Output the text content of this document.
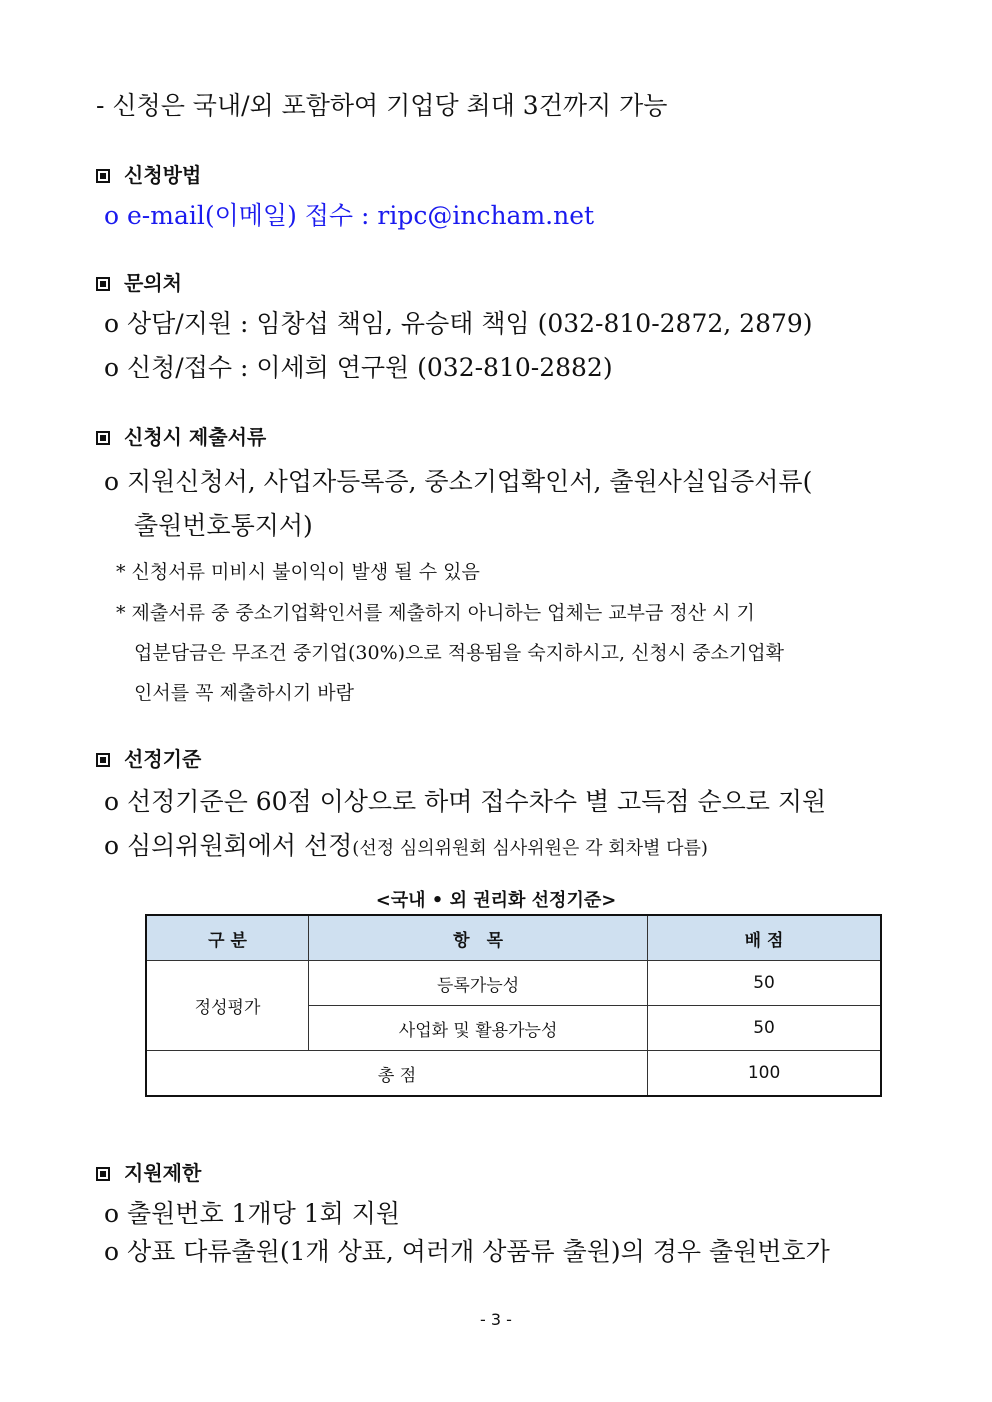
- 신청은 국내/외 포함하여 기업당 최대 3건까지 가능
신청방법
o e-mail(이메일) 접수 : ripc@incham.net
문의처
o 상담/지원 : 임창섭 책임, 유승태 책임 (032-810-2872, 2879)
o 신청/접수 : 이세희 연구원 (032-810-2882)
신청시 제출서류
o 지원신청서, 사업자등록증, 중소기업확인서, 출원사실입증서류(
출원번호통지서)
* 신청서류 미비시 불이익이 발생 될 수 있음
* 제출서류 중 중소기업확인서를 제출하지 아니하는 업체는 교부금 정산 시 기
업분담금은 무조건 중기업(30%)으로 적용됨을 숙지하시고, 신청시 중소기업확
인서를 꼭 제출하시기 바람
선정기준
o 선정기준은 60점 이상으로 하며 접수차수 별 고득점 순으로 지원
o 심의위원회에서 선정(선정 심의위원회 심사위원은 각 회차별 다름)
<국내 • 외 권리화 선정기준>
구 분	항　목	배 점
정성평가	등록가능성	50
	사업화 및 활용가능성	50
총 점		100
지원제한
o 출원번호 1개당 1회 지원
o 상표 다류출원(1개 상표, 여러개 상품류 출원)의 경우 출원번호가
- 3 -
